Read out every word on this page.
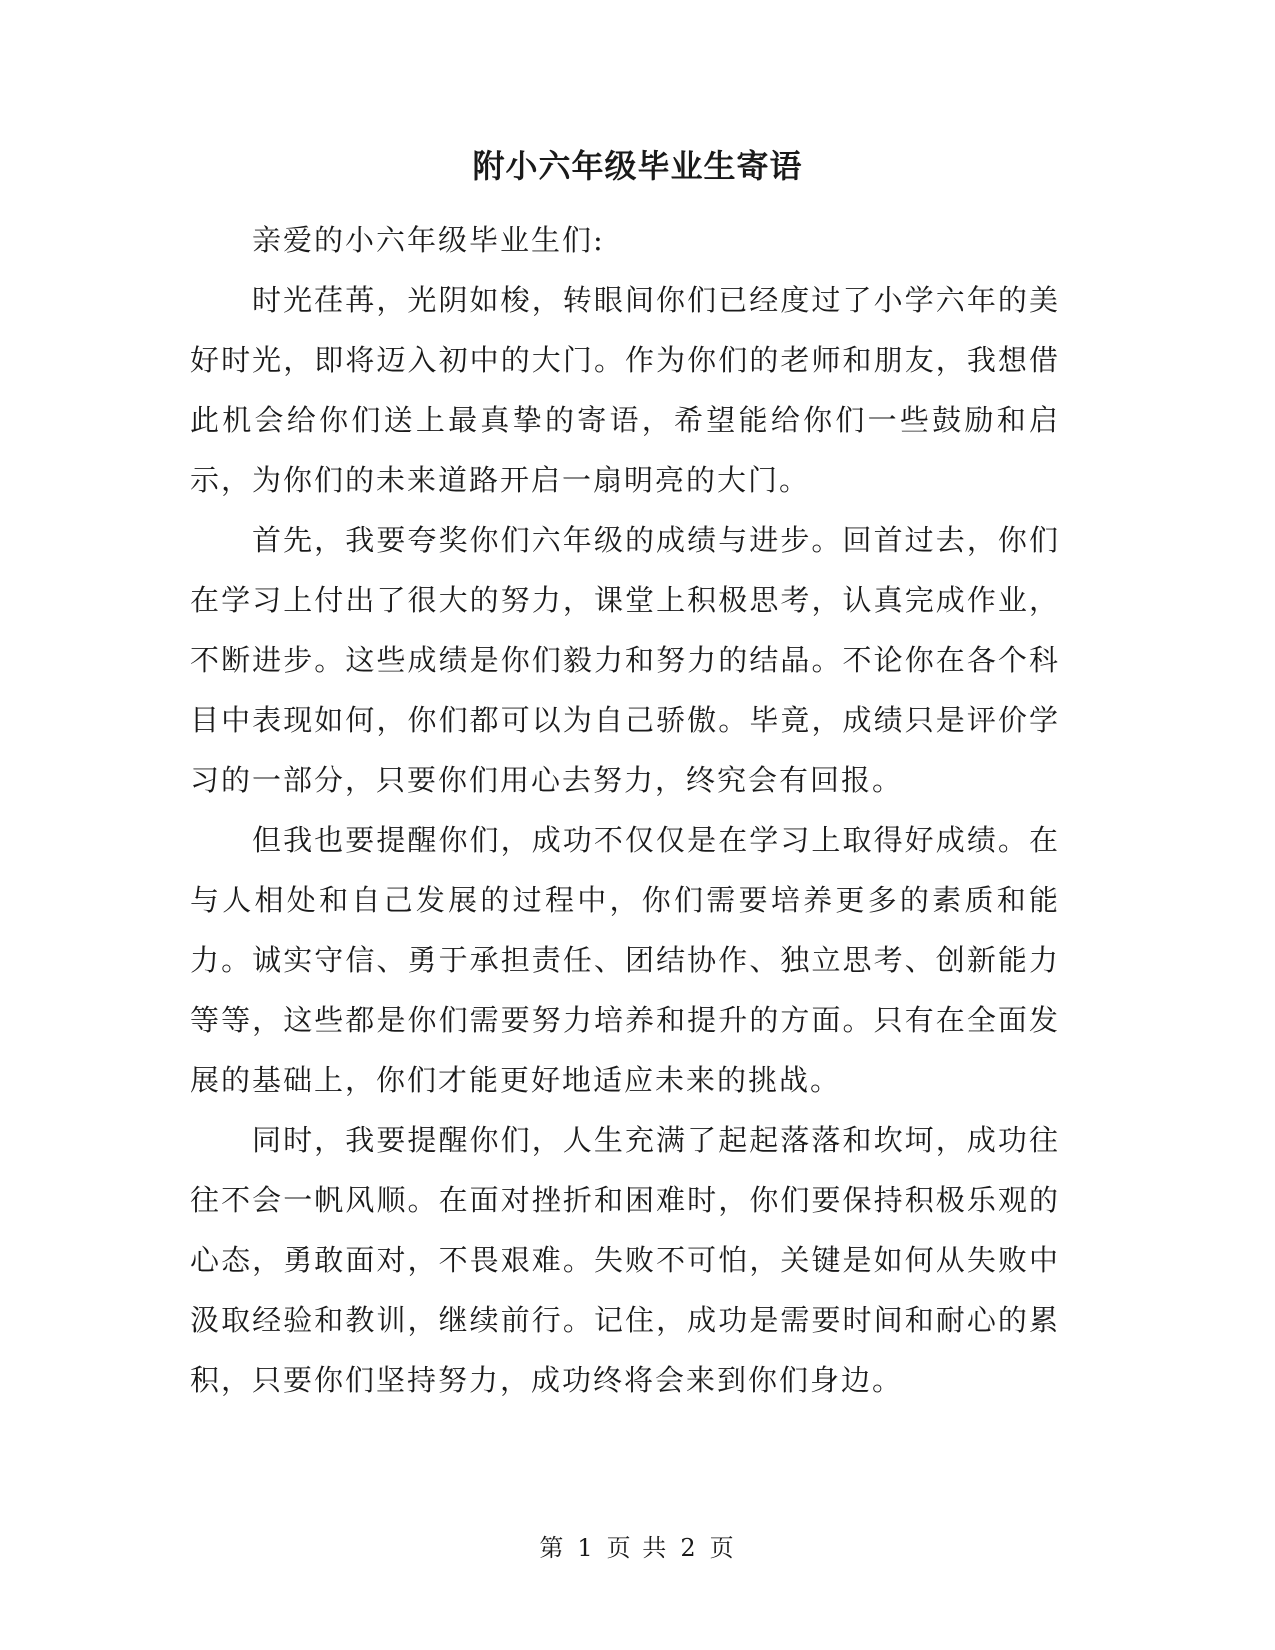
附小六年级毕业生寄语

亲爱的小六年级毕业生们:

时光荏苒，光阴如梭，转眼间你们已经度过了小学六年的美好时光，即将迈入初中的大门。作为你们的老师和朋友，我想借此机会给你们送上最真挚的寄语，希望能给你们一些鼓励和启示，为你们的未来道路开启一扇明亮的大门。

首先，我要夸奖你们六年级的成绩与进步。回首过去，你们在学习上付出了很大的努力，课堂上积极思考，认真完成作业，不断进步。这些成绩是你们毅力和努力的结晶。不论你在各个科目中表现如何，你们都可以为自己骄傲。毕竟，成绩只是评价学习的一部分，只要你们用心去努力，终究会有回报。

但我也要提醒你们，成功不仅仅是在学习上取得好成绩。在与人相处和自己发展的过程中，你们需要培养更多的素质和能力。诚实守信、勇于承担责任、团结协作、独立思考、创新能力等等，这些都是你们需要努力培养和提升的方面。只有在全面发展的基础上，你们才能更好地适应未来的挑战。

同时，我要提醒你们，人生充满了起起落落和坎坷，成功往往不会一帆风顺。在面对挫折和困难时，你们要保持积极乐观的心态，勇敢面对，不畏艰难。失败不可怕，关键是如何从失败中汲取经验和教训，继续前行。记住，成功是需要时间和耐心的累积，只要你们坚持努力，成功终将会来到你们身边。

第 1 页 共 2 页
